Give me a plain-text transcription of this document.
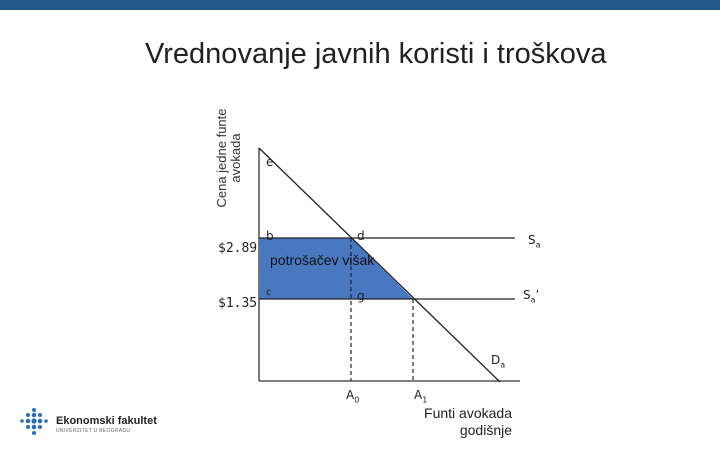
Vrednovanje javnih koristi i troškova
Cena jedne funte avokada
$2.89
$1.35
e
b	d
c	g
potrošačev višak
$S_a$
$S_a$’
$D_a$
$A_0$	$A_1$
Funti avokada godišnje
Ekonomski fakultet
UNIVERZITET U BEOGRADU
